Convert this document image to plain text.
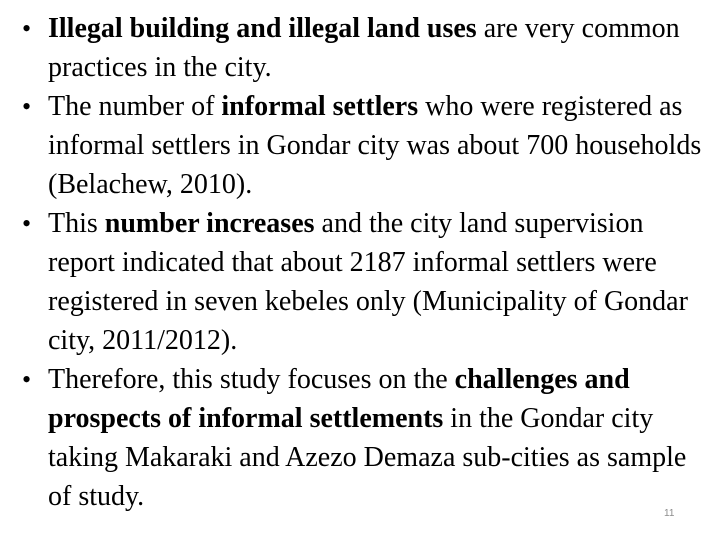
• Illegal building and illegal land uses are very common practices in the city.
• The number of informal settlers who were registered as informal settlers in Gondar city was about 700 households (Belachew, 2010).
• This number increases and the city land supervision report indicated that about 2187 informal settlers were registered in seven kebeles only (Municipality of Gondar city, 2011/2012).
• Therefore, this study focuses on the challenges and prospects of informal settlements in the Gondar city taking Makaraki and Azezo Demaza sub-cities as sample of study.
11
